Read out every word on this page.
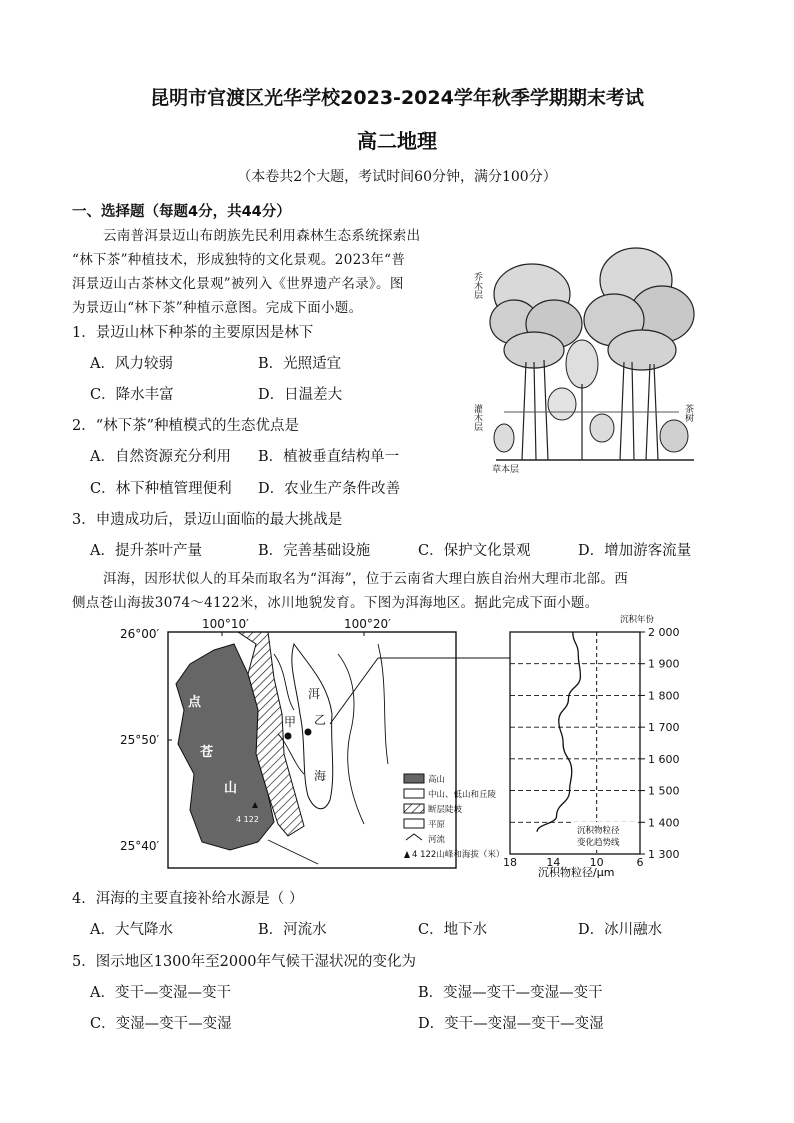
昆明市官渡区光华学校2023-2024学年秋季学期期末考试
高二地理
（本卷共2个大题，考试时间60分钟，满分100分）
一、选择题（每题4分，共44分）
云南普洱景迈山布朗族先民利用森林生态系统探索出
“林下茶”种植技术，形成独特的文化景观。2023年“普
洱景迈山古茶林文化景观”被列入《世界遗产名录》。图
为景迈山“林下茶”种植示意图。完成下面小题。
1．景迈山林下种茶的主要原因是林下
A．风力较弱	B．光照适宜
C．降水丰富	D．日温差大
2．“林下茶”种植模式的生态优点是
A．自然资源充分利用 B．植被垂直结构单一
C．林下种植管理便利 D．农业生产条件改善
3．申遗成功后，景迈山面临的最大挑战是
A．提升茶叶产量	B．完善基础设施	C．保护文化景观	D．增加游客流量
洱海，因形状似人的耳朵而取名为“洱海”，位于云南省大理白族自治州大理市北部。西
侧点苍山海拔3074～4122米，冰川地貌发育。下图为洱海地区。据此完成下面小题。
乔木层
灌木层
草本层
茶树
100°10′	100°20′
26°00′
25°50′
25°40′
点
苍
山
洱
海
甲 乙
4 122
高山
中山、低山和丘陵
断层陡坡
平原
河流
4 122山峰和海拔（米）
沉积年份
2 000
1 900
1 800
1 700
1 600
1 500
1 400
1 300
18	14	10	6
沉积物粒径
变化趋势线
沉积物粒径/μm
4．洱海的主要直接补给水源是（ ）
A．大气降水	B．河流水	C．地下水	D．冰川融水
5．图示地区1300年至2000年气候干湿状况的变化为
A．变干—变湿—变干	B．变湿—变干—变湿—变干
C．变湿—变干—变湿	D．变干—变湿—变干—变湿
